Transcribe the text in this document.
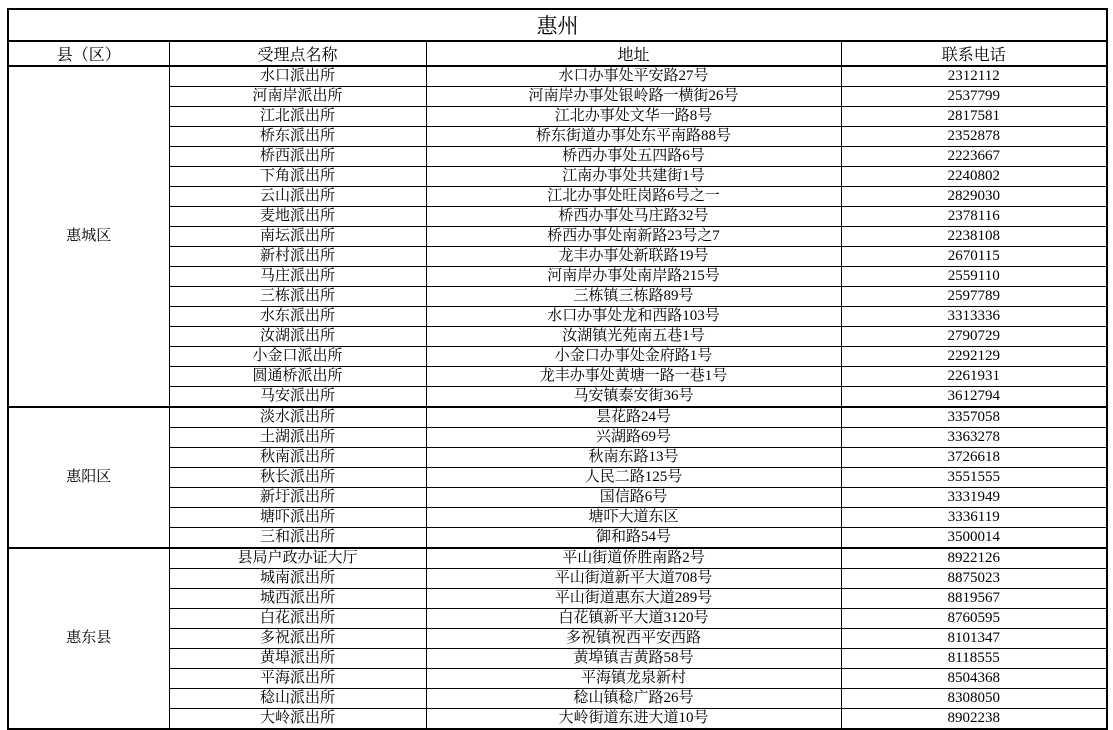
惠州			
县（区）	受理点名称	地址	联系电话
惠城区	水口派出所	水口办事处平安路27号	2312112
	河南岸派出所	河南岸办事处银岭路一横街26号	2537799
	江北派出所	江北办事处文华一路8号	2817581
	桥东派出所	桥东街道办事处东平南路88号	2352878
	桥西派出所	桥西办事处五四路6号	2223667
	下角派出所	江南办事处共建街1号	2240802
	云山派出所	江北办事处旺岗路6号之一	2829030
	麦地派出所	桥西办事处马庄路32号	2378116
	南坛派出所	桥西办事处南新路23号之7	2238108
	新村派出所	龙丰办事处新联路19号	2670115
	马庄派出所	河南岸办事处南岸路215号	2559110
	三栋派出所	三栋镇三栋路89号	2597789
	水东派出所	水口办事处龙和西路103号	3313336
	汝湖派出所	汝湖镇光苑南五巷1号	2790729
	小金口派出所	小金口办事处金府路1号	2292129
	圆通桥派出所	龙丰办事处黄塘一路一巷1号	2261931
	马安派出所	马安镇泰安街36号	3612794
惠阳区	淡水派出所	昙花路24号	3357058
	土湖派出所	兴湖路69号	3363278
	秋南派出所	秋南东路13号	3726618
	秋长派出所	人民二路125号	3551555
	新圩派出所	国信路6号	3331949
	塘吓派出所	塘吓大道东区	3336119
	三和派出所	御和路54号	3500014
惠东县	县局户政办证大厅	平山街道侨胜南路2号	8922126
	城南派出所	平山街道新平大道708号	8875023
	城西派出所	平山街道惠东大道289号	8819567
	白花派出所	白花镇新平大道3120号	8760595
	多祝派出所	多祝镇祝西平安西路	8101347
	黄埠派出所	黄埠镇吉黄路58号	8118555
	平海派出所	平海镇龙泉新村	8504368
	稔山派出所	稔山镇稔广路26号	8308050
	大岭派出所	大岭街道东进大道10号	8902238
